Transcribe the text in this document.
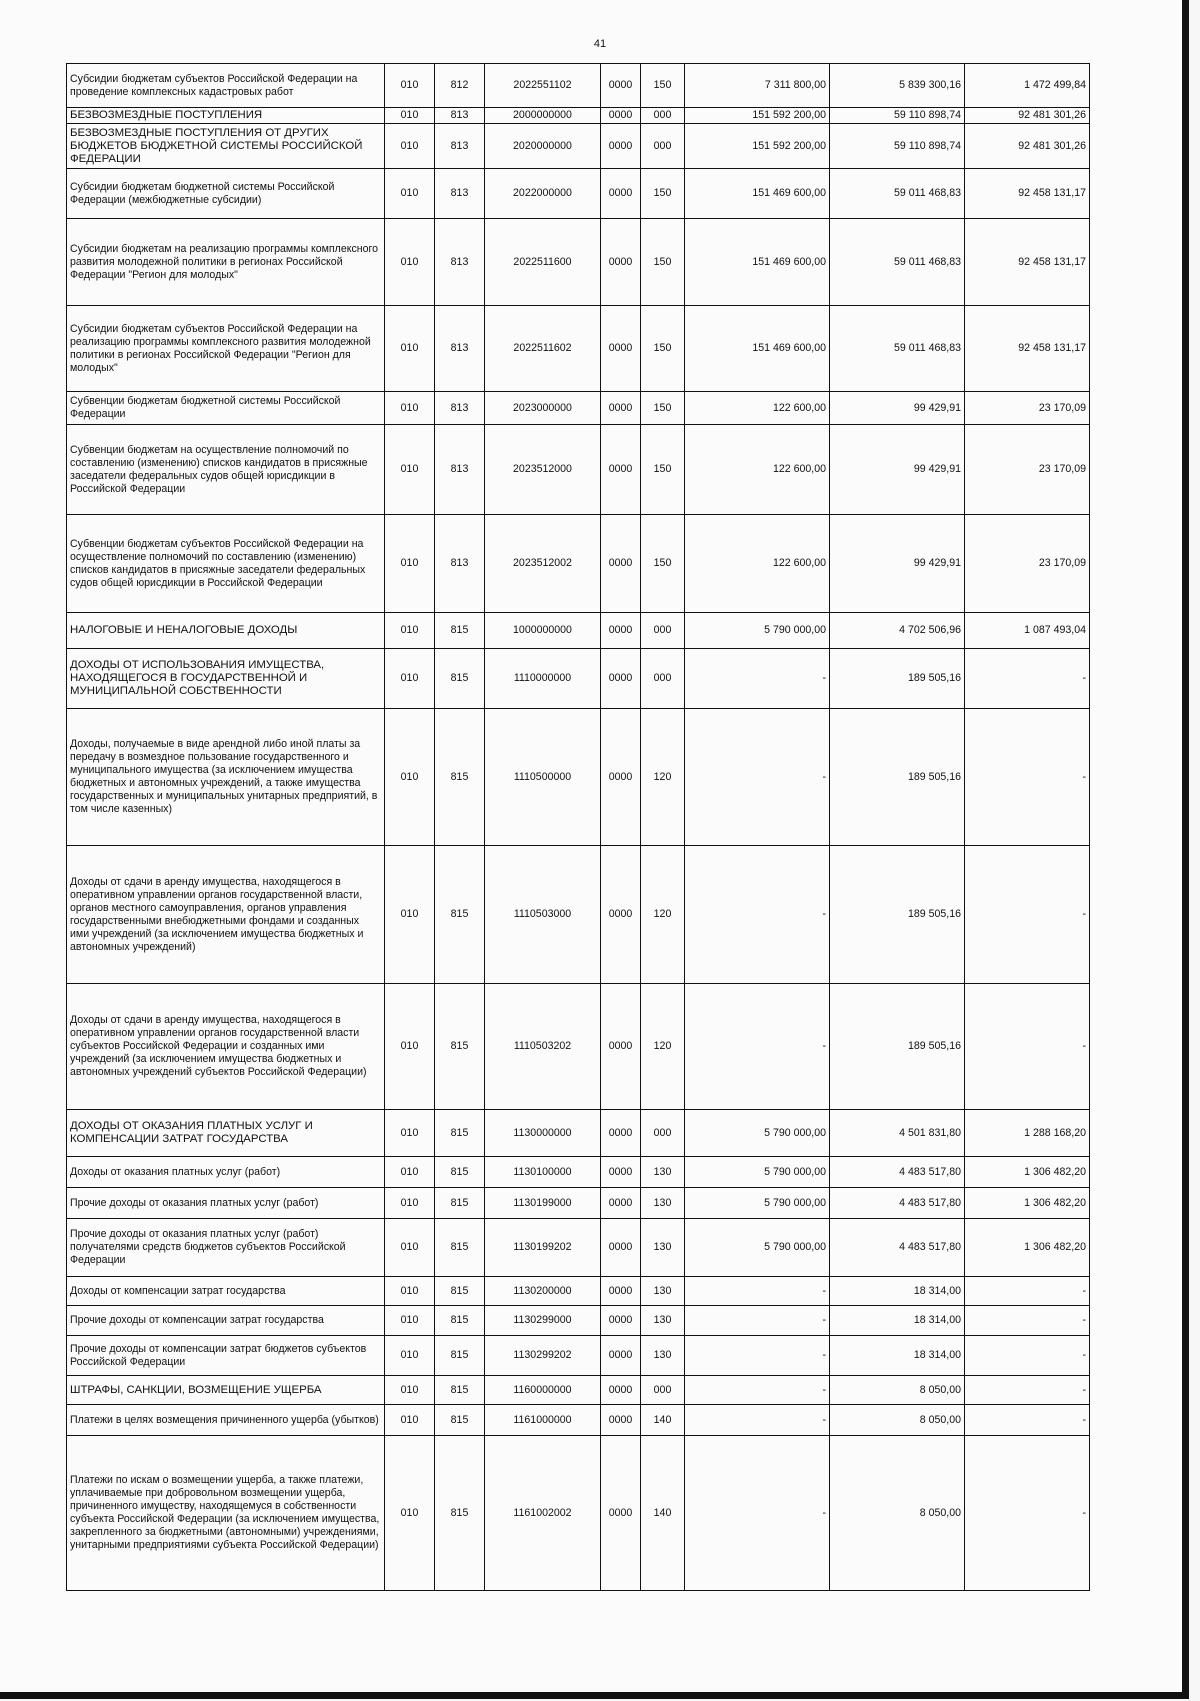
41
Субсидии бюджетам субъектов Российской Федерации на проведение комплексных кадастровых работ	010	812	2022551102	0000	150	7 311 800,00	5 839 300,16	1 472 499,84
БЕЗВОЗМЕЗДНЫЕ ПОСТУПЛЕНИЯ	010	813	2000000000	0000	000	151 592 200,00	59 110 898,74	92 481 301,26
БЕЗВОЗМЕЗДНЫЕ ПОСТУПЛЕНИЯ ОТ ДРУГИХ БЮДЖЕТОВ БЮДЖЕТНОЙ СИСТЕМЫ РОССИЙСКОЙ ФЕДЕРАЦИИ	010	813	2020000000	0000	000	151 592 200,00	59 110 898,74	92 481 301,26
Субсидии бюджетам бюджетной системы Российской Федерации (межбюджетные субсидии)	010	813	2022000000	0000	150	151 469 600,00	59 011 468,83	92 458 131,17
Субсидии бюджетам на реализацию программы комплексного развития молодежной политики в регионах Российской Федерации "Регион для молодых"	010	813	2022511600	0000	150	151 469 600,00	59 011 468,83	92 458 131,17
Субсидии бюджетам субъектов Российской Федерации на реализацию программы комплексного развития молодежной политики в регионах Российской Федерации "Регион для молодых"	010	813	2022511602	0000	150	151 469 600,00	59 011 468,83	92 458 131,17
Субвенции бюджетам бюджетной системы Российской Федерации	010	813	2023000000	0000	150	122 600,00	99 429,91	23 170,09
Субвенции бюджетам на осуществление полномочий по составлению (изменению) списков кандидатов в присяжные заседатели федеральных судов общей юрисдикции в Российской Федерации	010	813	2023512000	0000	150	122 600,00	99 429,91	23 170,09
Субвенции бюджетам субъектов Российской Федерации на осуществление полномочий по составлению (изменению) списков кандидатов в присяжные заседатели федеральных судов общей юрисдикции в Российской Федерации	010	813	2023512002	0000	150	122 600,00	99 429,91	23 170,09
НАЛОГОВЫЕ И НЕНАЛОГОВЫЕ ДОХОДЫ	010	815	1000000000	0000	000	5 790 000,00	4 702 506,96	1 087 493,04
ДОХОДЫ ОТ ИСПОЛЬЗОВАНИЯ ИМУЩЕСТВА, НАХОДЯЩЕГОСЯ В ГОСУДАРСТВЕННОЙ И МУНИЦИПАЛЬНОЙ СОБСТВЕННОСТИ	010	815	1110000000	0000	000	-	189 505,16	-
Доходы, получаемые в виде арендной либо иной платы за передачу в возмездное пользование государственного и муниципального имущества (за исключением имущества бюджетных и автономных учреждений, а также имущества государственных и муниципальных унитарных предприятий, в том числе казенных)	010	815	1110500000	0000	120	-	189 505,16	-
Доходы от сдачи в аренду имущества, находящегося в оперативном управлении органов государственной власти, органов местного самоуправления, органов управления государственными внебюджетными фондами и созданных ими учреждений (за исключением имущества бюджетных и автономных учреждений)	010	815	1110503000	0000	120	-	189 505,16	-
Доходы от сдачи в аренду имущества, находящегося в оперативном управлении органов государственной власти субъектов Российской Федерации и созданных ими учреждений (за исключением имущества бюджетных и автономных учреждений субъектов Российской Федерации)	010	815	1110503202	0000	120	-	189 505,16	-
ДОХОДЫ ОТ ОКАЗАНИЯ ПЛАТНЫХ УСЛУГ И КОМПЕНСАЦИИ ЗАТРАТ ГОСУДАРСТВА	010	815	1130000000	0000	000	5 790 000,00	4 501 831,80	1 288 168,20
Доходы от оказания платных услуг (работ)	010	815	1130100000	0000	130	5 790 000,00	4 483 517,80	1 306 482,20
Прочие доходы от оказания платных услуг (работ)	010	815	1130199000	0000	130	5 790 000,00	4 483 517,80	1 306 482,20
Прочие доходы от оказания платных услуг (работ) получателями средств бюджетов субъектов Российской Федерации	010	815	1130199202	0000	130	5 790 000,00	4 483 517,80	1 306 482,20
Доходы от компенсации затрат государства	010	815	1130200000	0000	130	-	18 314,00	-
Прочие доходы от компенсации затрат государства	010	815	1130299000	0000	130	-	18 314,00	-
Прочие доходы от компенсации затрат бюджетов субъектов Российской Федерации	010	815	1130299202	0000	130	-	18 314,00	-
ШТРАФЫ, САНКЦИИ, ВОЗМЕЩЕНИЕ УЩЕРБА	010	815	1160000000	0000	000	-	8 050,00	-
Платежи в целях возмещения причиненного ущерба (убытков)	010	815	1161000000	0000	140	-	8 050,00	-
Платежи по искам о возмещении ущерба, а также платежи, уплачиваемые при добровольном возмещении ущерба, причиненного имуществу, находящемуся в собственности субъекта Российской Федерации (за исключением имущества, закрепленного за бюджетными (автономными) учреждениями, унитарными предприятиями субъекта Российской Федерации)	010	815	1161002002	0000	140	-	8 050,00	-
